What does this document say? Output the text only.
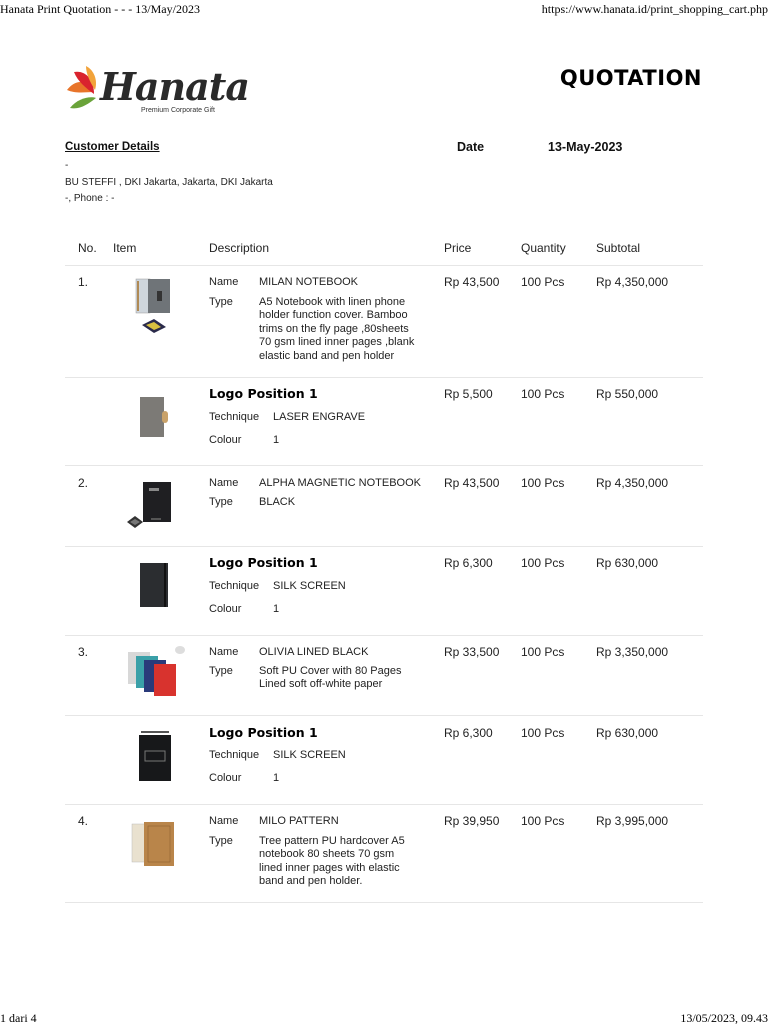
Hanata Print Quotation - - - 13/May/2023	https://www.hanata.id/print_shopping_cart.php
1 dari 4	13/05/2023, 09.43
Hanata
Premium Corporate Gift
QUOTATION
Customer Details	Date	13-May-2023
-
BU STEFFI , DKI Jakarta, Jakarta, DKI Jakarta
-, Phone : -
No. Item	Description	Price	Quantity	Subtotal
1.	Name MILAN NOTEBOOK
Type A5 Notebook with linen phone
holder function cover. Bamboo
trims on the fly page ,80sheets
70 gsm lined inner pages ,blank
elastic band and pen holder
Rp 43,500 100 Pcs	Rp 4,350,000
Logo Position 1
Technique LASER ENGRAVE
Colour	1
Rp 5,500 100 Pcs	Rp 550,000
2.	Name ALPHA MAGNETIC NOTEBOOK
Type BLACK
Rp 43,500 100 Pcs	Rp 4,350,000
Logo Position 1
Technique SILK SCREEN
Colour	1
Rp 6,300 100 Pcs	Rp 630,000
3.	Name OLIVIA LINED BLACK
Type Soft PU Cover with 80 Pages
Lined soft off-white paper
Rp 33,500 100 Pcs	Rp 3,350,000
Logo Position 1
Technique SILK SCREEN
Colour	1
Rp 6,300 100 Pcs	Rp 630,000
4.	Name MILO PATTERN
Type Tree pattern PU hardcover A5
notebook 80 sheets 70 gsm
lined inner pages with elastic
band and pen holder.
Rp 39,950 100 Pcs	Rp 3,995,000
